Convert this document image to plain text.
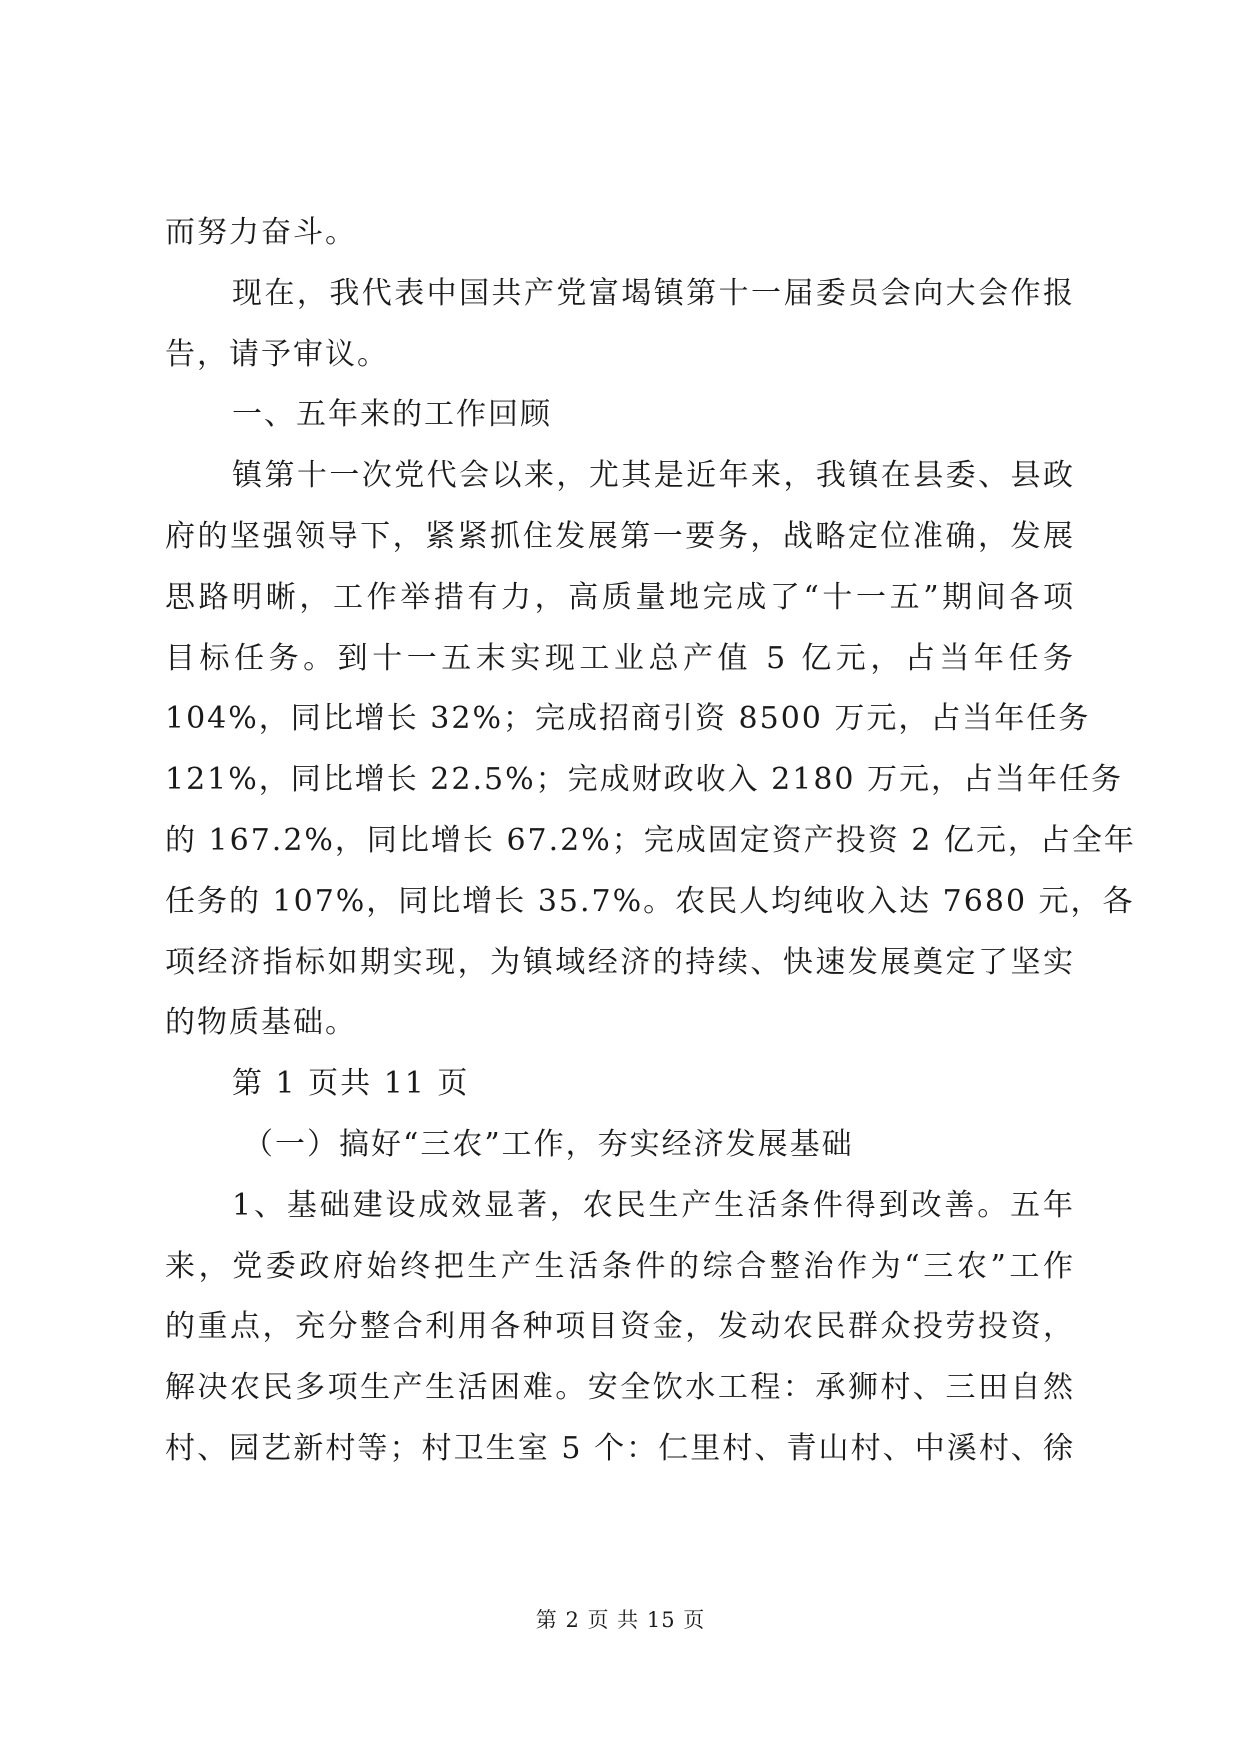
而努力奋斗。

现在，我代表中国共产党富堨镇第十一届委员会向大会作报

告，请予审议。

一、五年来的工作回顾

镇第十一次党代会以来，尤其是近年来，我镇在县委、县政

府的坚强领导下，紧紧抓住发展第一要务，战略定位准确，发展

思路明晰，工作举措有力，高质量地完成了“十一五”期间各项

目标任务。到十一五末实现工业总产值 5 亿元，占当年任务

104%，同比增长 32%；完成招商引资 8500 万元，占当年任务

121%，同比增长 22.5%；完成财政收入 2180 万元，占当年任务

的 167.2%，同比增长 67.2%；完成固定资产投资 2 亿元，占全年

任务的 107%，同比增长 35.7%。农民人均纯收入达 7680 元，各

项经济指标如期实现，为镇域经济的持续、快速发展奠定了坚实

的物质基础。

第 1 页共 11 页

（一）搞好“三农”工作，夯实经济发展基础

1、基础建设成效显著，农民生产生活条件得到改善。五年

来，党委政府始终把生产生活条件的综合整治作为“三农”工作

的重点，充分整合利用各种项目资金，发动农民群众投劳投资，

解决农民多项生产生活困难。安全饮水工程：承狮村、三田自然

村、园艺新村等；村卫生室 5 个：仁里村、青山村、中溪村、徐

第 2 页 共 15 页
